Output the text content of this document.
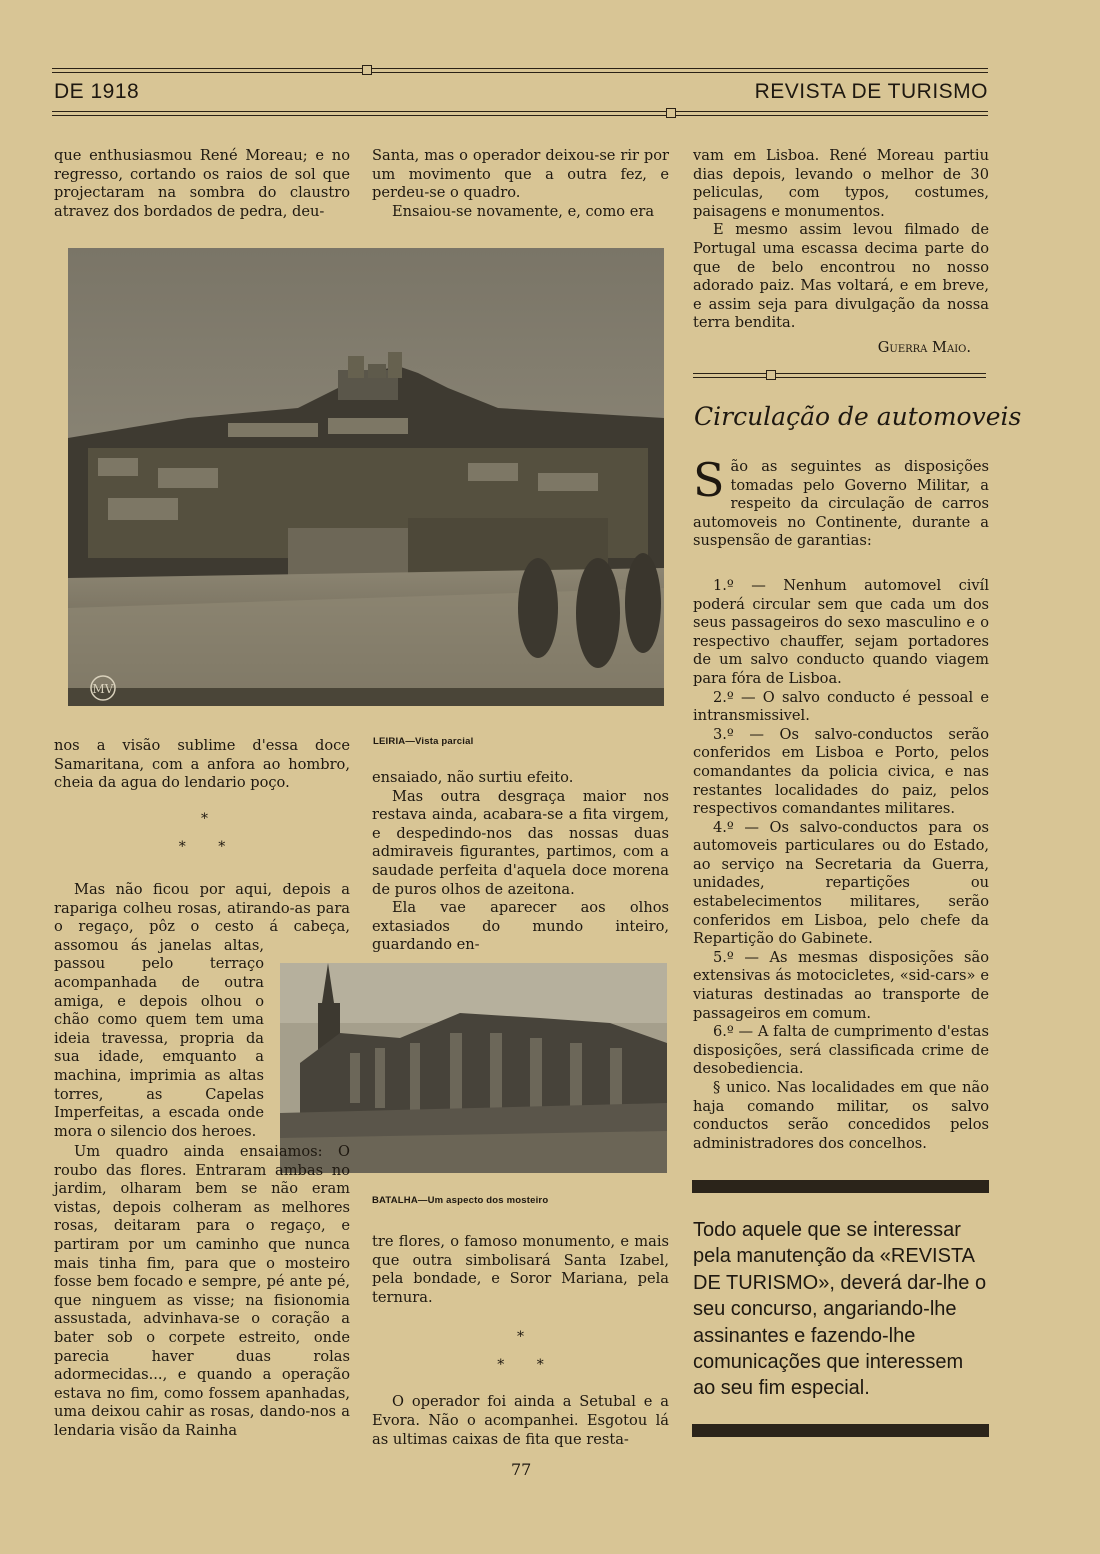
DE 1918	REVISTA DE TURISMO

que enthusiasmou René Moreau; e no regresso, cortando os raios de sol que projectaram na sombra do claustro atravez dos bordados de pedra, deu-

Santa, mas o operador deixou-se rir por um movimento que a outra fez, e perdeu-se o quadro.

Ensaiou-se novamente, e, como era

MV

vam em Lisboa. René Moreau partiu dias depois, levando o melhor de 30 peliculas, com typos, costumes, paisagens e monumentos.

E mesmo assim levou filmado de Portugal uma escassa decima parte do que de belo encontrou no nosso adorado paiz. Mas voltará, e em breve, e assim seja para divulgação da nossa terra bendita.

Guerra Maio.
Circulação de automoveis

São as seguintes as disposições tomadas pelo Governo Militar, a respeito da circulação de carros automoveis no Continente, durante a suspensão de garantias:

1.º — Nenhum automovel civíl poderá circular sem que cada um dos seus passageiros do sexo masculino e o respectivo chauffer, sejam portadores de um salvo conducto quando viagem para fóra de Lisboa.

2.º — O salvo conducto é pessoal e intransmissivel.

3.º — Os salvo-conductos serão conferidos em Lisboa e Porto, pelos comandantes da policia civica, e nas restantes localidades do paiz, pelos respectivos comandantes militares.

4.º — Os salvo-conductos para os automoveis particulares ou do Estado, ao serviço na Secretaria da Guerra, unidades, repartições ou estabelecimentos militares, serão conferidos em Lisboa, pelo chefe da Repartição do Gabinete.

5.º — As mesmas disposições são extensivas ás motocicletes, «sid-cars» e viaturas destinadas ao transporte de passageiros em comum.

6.º — A falta de cumprimento d'estas disposições, será classificada crime de desobediencia.

§ unico. Nas localidades em que não haja comando militar, os salvo conductos serão concedidos pelos administradores dos concelhos.

Todo aquele que se interessar pela manutenção da «REVISTA DE TURISMO», deverá dar-lhe o seu concurso, angariando-lhe assinantes e fazendo-lhe comunicações que interessem ao seu fim especial.

nos a visão sublime d'essa doce Samaritana, com a anfora ao hombro, cheia da agua do lendario poço.

*
* *
LEIRIA—Vista parcial

Mas não ficou por aqui, depois a rapariga colheu rosas, atirando-as para o regaço, pôz o cesto á cabeça, assomou ás janelas altas, passou pelo terraço acompanhada de outra amiga, e depois olhou o chão como quem tem uma ideia travessa, propria da sua idade, emquanto a machina, imprimia as altas torres, as Capelas Imperfeitas, a escada onde mora o silencio dos heroes.

ensaiado, não surtiu efeito.

Mas outra desgraça maior nos restava ainda, acabara-se a fita virgem, e despedindo-nos das nossas duas admiraveis figurantes, partimos, com a saudade perfeita d'aquela doce morena de puros olhos de azeitona.

Ela vae aparecer aos olhos extasiados do mundo inteiro, guardando en-

BATALHA—Um aspecto dos mosteiro

Um quadro ainda ensaiamos: O roubo das flores. Entraram ambas no jardim, olharam bem se não eram vistas, depois colheram as melhores rosas, deitaram para o regaço, e partiram por um caminho que nunca mais tinha fim, para que o mosteiro fosse bem focado e sempre, pé ante pé, que ninguem as visse; na fisionomia assustada, advinhava-se o coração a bater sob o corpete estreito, onde parecia haver duas rolas adormecidas..., e quando a operação estava no fim, como fossem apanhadas, uma deixou cahir as rosas, dando-nos a lendaria visão da Rainha

tre flores, o famoso monumento, e mais que outra simbolisará Santa Izabel, pela bondade, e Soror Mariana, pela ternura.

*
* *

O operador foi ainda a Setubal e a Evora. Não o acompanhei. Esgotou lá as ultimas caixas de fita que resta-

77
